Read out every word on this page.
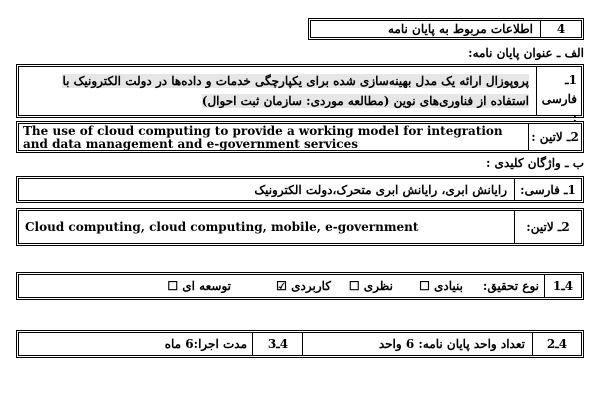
4
اطلاعات مربوط به پایان نامه
الف ـ عنوان پایان نامه:
1ـ فارسی :
پروپوزال ارائه یک مدل بهینه‌سازی شده برای یکپارچگی خدمات و داده‌ها در دولت الکترونیک با استفاده از فناوری‌های نوین (مطالعه موردی: سازمان ثبت احوال)
2ـ لاتین :
The use of cloud computing to provide a working model for integration and data management and e-government services
ب ـ واژگان کلیدی :
1ـ فارسی:
رایانش ابری، رایانش ابری متحرک،دولت الکترونیک
2ـ لاتین:
Cloud computing, cloud computing, mobile, e-government
4ـ1
نوع تحقیق:
بنیادی

☐
نظری

☐
کاربردی

☑
توسعه ای

☐
4ـ2
تعداد واحد پایان نامه: 6 واحد
4ـ3
مدت اجرا:6 ماه
